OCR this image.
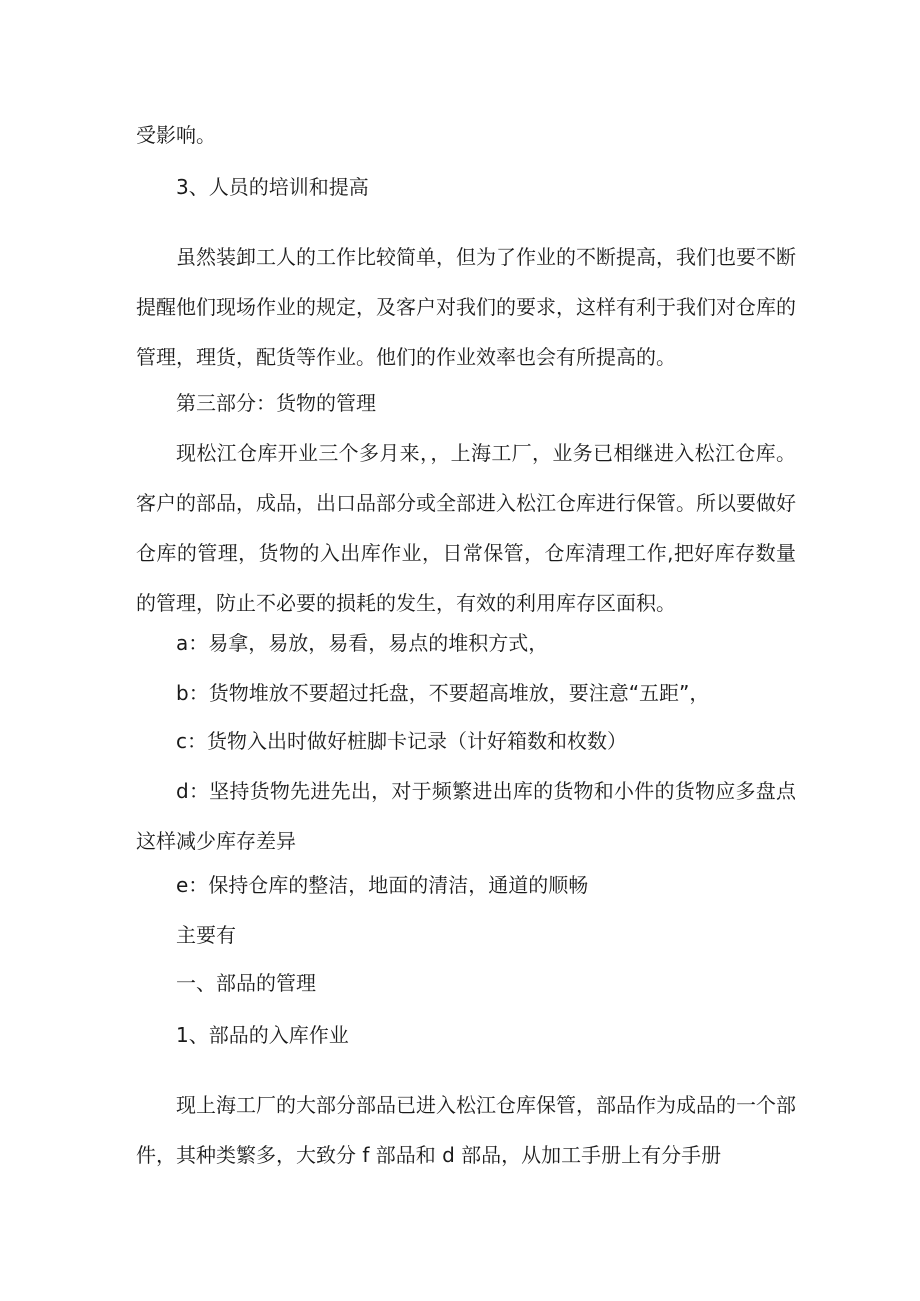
受影响。

3、人员的培训和提高

虽然装卸工人的工作比较简单，但为了作业的不断提高，我们也要不断提醒他们现场作业的规定，及客户对我们的要求，这样有利于我们对仓库的管理，理货，配货等作业。他们的作业效率也会有所提高的。

第三部分：货物的管理

现松江仓库开业三个多月来，，上海工厂，业务已相继进入松江仓库。客户的部品，成品，出口品部分或全部进入松江仓库进行保管。所以要做好仓库的管理，货物的入出库作业，日常保管，仓库清理工作,把好库存数量的管理，防止不必要的损耗的发生，有效的利用库存区面积。

a：易拿，易放，易看，易点的堆积方式，

b：货物堆放不要超过托盘，不要超高堆放，要注意“五距”，

c：货物入出时做好桩脚卡记录（计好箱数和枚数）

d：坚持货物先进先出，对于频繁进出库的货物和小件的货物应多盘点这样减少库存差异

e：保持仓库的整洁，地面的清洁，通道的顺畅

主要有

一、部品的管理

1、部品的入库作业

现上海工厂的大部分部品已进入松江仓库保管，部品作为成品的一个部件，其种类繁多，大致分 f 部品和 d 部品，从加工手册上有分手册
